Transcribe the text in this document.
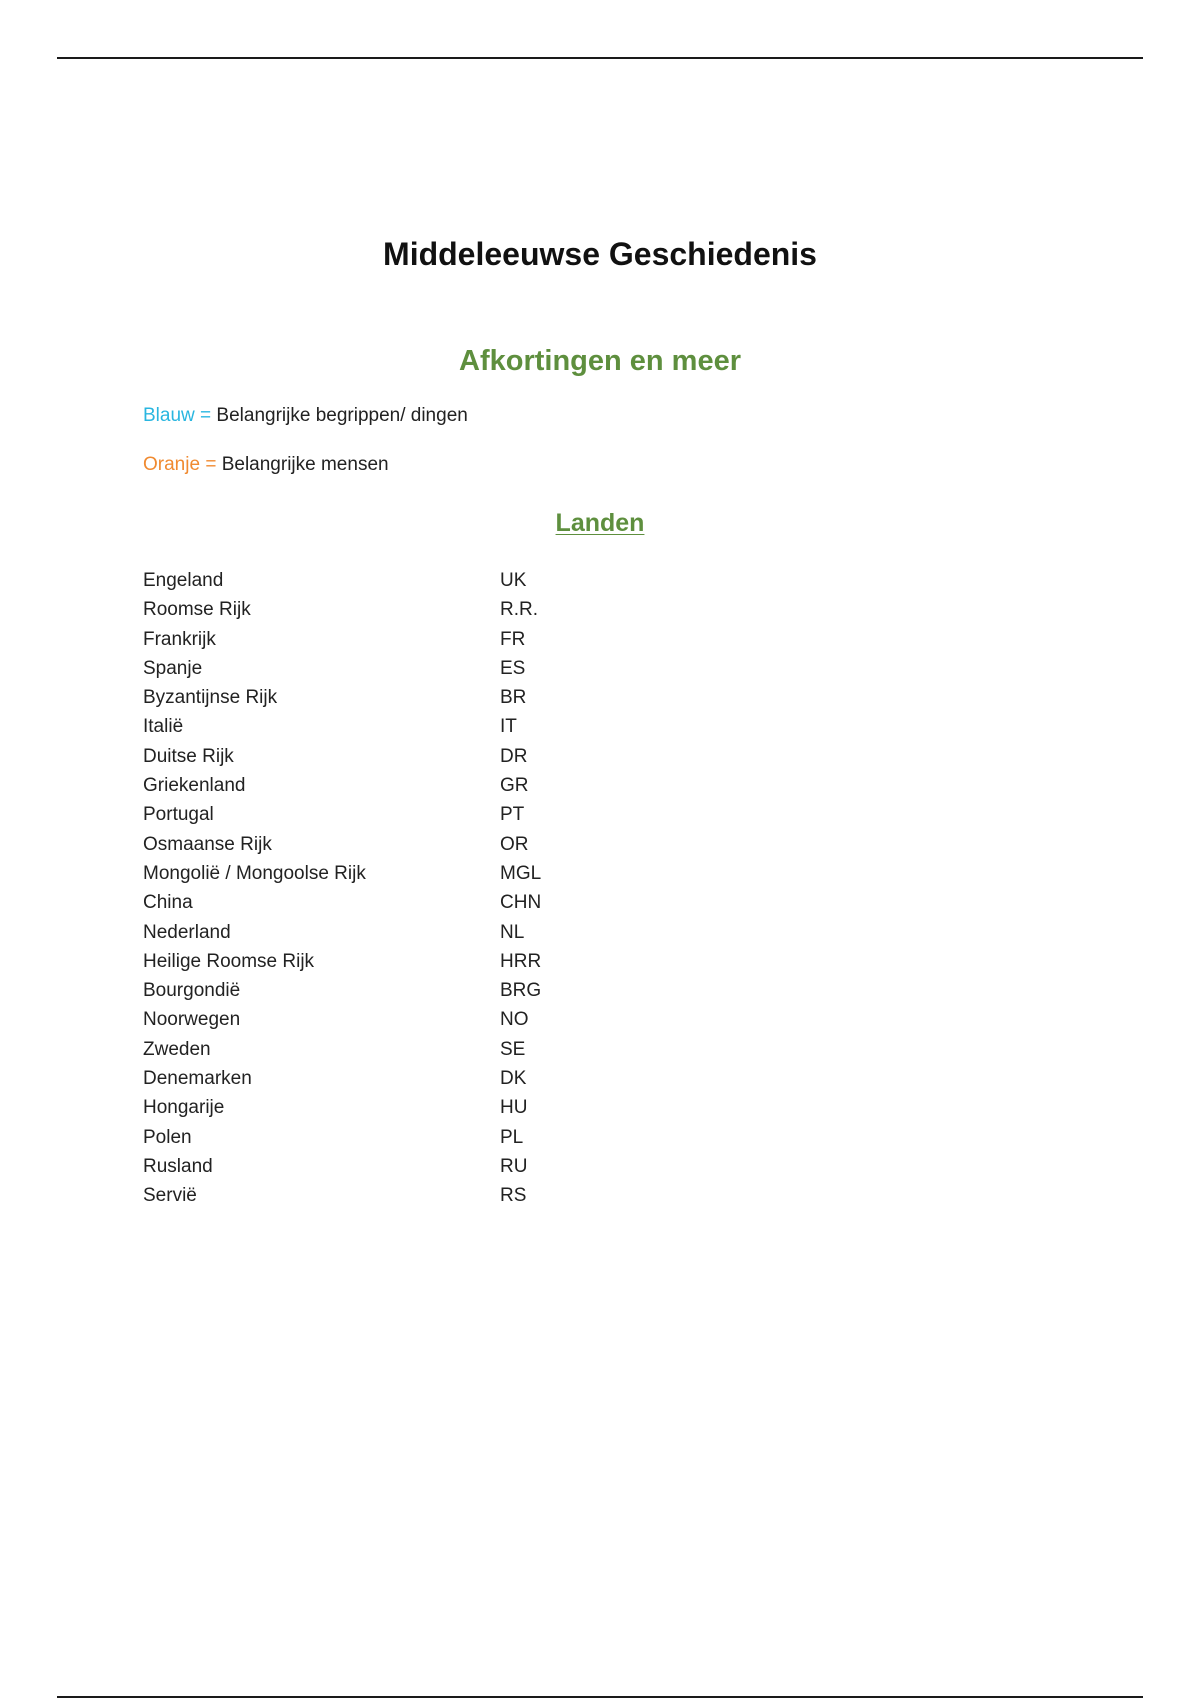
Middeleeuwse Geschiedenis
Afkortingen en meer
Blauw = Belangrijke begrippen/ dingen
Oranje = Belangrijke mensen
Landen
Engeland	UK
Roomse Rijk	R.R.
Frankrijk	FR
Spanje	ES
Byzantijnse Rijk	BR
Italië	IT
Duitse Rijk	DR
Griekenland	GR
Portugal	PT
Osmaanse Rijk	OR
Mongolië / Mongoolse Rijk	MGL
China	CHN
Nederland	NL
Heilige Roomse Rijk	HRR
Bourgondië	BRG
Noorwegen	NO
Zweden	SE
Denemarken	DK
Hongarije	HU
Polen	PL
Rusland	RU
Servië	RS
